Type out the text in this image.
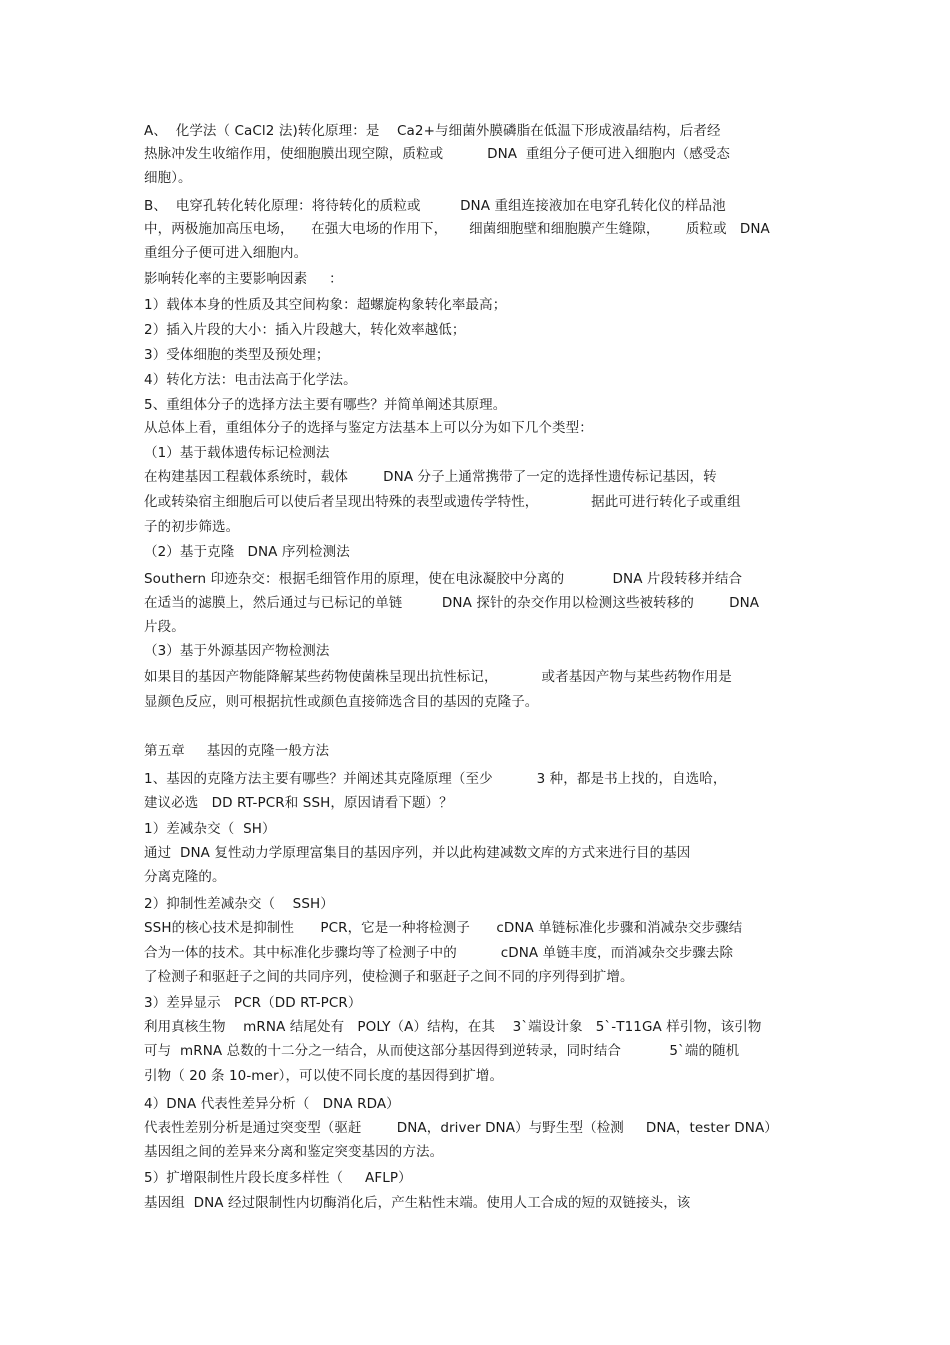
A、  化学法（ CaCl2 法)转化原理：是    Ca2+与细菌外膜磷脂在低温下形成液晶结构，后者经
热脉冲发生收缩作用，使细胞膜出现空隙，质粒或          DNA  重组分子便可进入细胞内（感受态
细胞）。
B、  电穿孔转化转化原理：将待转化的质粒或         DNA 重组连接液加在电穿孔转化仪的样品池
中，两极施加高压电场，    在强大电场的作用下，     细菌细胞壁和细胞膜产生缝隙，      质粒或   DNA
重组分子便可进入细胞内。
影响转化率的主要影响因素     ：
1）载体本身的性质及其空间构象：超螺旋构象转化率最高；
2）插入片段的大小：插入片段越大，转化效率越低；
3）受体细胞的类型及预处理；
4）转化方法：电击法高于化学法。
5、重组体分子的选择方法主要有哪些？并简单阐述其原理。
从总体上看，重组体分子的选择与鉴定方法基本上可以分为如下几个类型：
（1）基于载体遗传标记检测法
在构建基因工程载体系统时，载体        DNA 分子上通常携带了一定的选择性遗传标记基因，转
化或转染宿主细胞后可以使后者呈现出特殊的表型或遗传学特性，            据此可进行转化子或重组
子的初步筛选。
（2）基于克隆   DNA 序列检测法
Southern 印迹杂交：根据毛细管作用的原理，使在电泳凝胶中分离的           DNA 片段转移并结合
在适当的滤膜上，然后通过与已标记的单链         DNA 探针的杂交作用以检测这些被转移的        DNA
片段。
（3）基于外源基因产物检测法
如果目的基因产物能降解某些药物使菌株呈现出抗性标记，          或者基因产物与某些药物作用是
显颜色反应，则可根据抗性或颜色直接筛选含目的基因的克隆子。
第五章     基因的克隆一般方法
1、基因的克隆方法主要有哪些？并阐述其克隆原理（至少          3 种，都是书上找的，自选哈，
建议必选   DD RT-PCR和 SSH，原因请看下题）？
1）差减杂交（  SH）
通过  DNA 复性动力学原理富集目的基因序列，并以此构建减数文库的方式来进行目的基因
分离克隆的。
2）抑制性差减杂交（    SSH）
SSH的核心技术是抑制性      PCR，它是一种将检测子      cDNA 单链标准化步骤和消减杂交步骤结
合为一体的技术。其中标准化步骤均等了检测子中的          cDNA 单链丰度，而消减杂交步骤去除
了检测子和驱赶子之间的共同序列，使检测子和驱赶子之间不同的序列得到扩增。
3）差异显示   PCR（DD RT-PCR）
利用真核生物    mRNA 结尾处有   POLY（A）结构，在其    3`端设计象   5`-T11GA 样引物，该引物
可与  mRNA 总数的十二分之一结合，从而使这部分基因得到逆转录，同时结合           5`端的随机
引物（ 20 条 10-mer），可以使不同长度的基因得到扩增。
4）DNA 代表性差异分析（   DNA RDA）
代表性差别分析是通过突变型（驱赶        DNA，driver DNA）与野生型（检测     DNA，tester DNA）
基因组之间的差异来分离和鉴定突变基因的方法。
5）扩增限制性片段长度多样性（     AFLP）
基因组  DNA 经过限制性内切酶消化后，产生粘性末端。使用人工合成的短的双链接头，该
